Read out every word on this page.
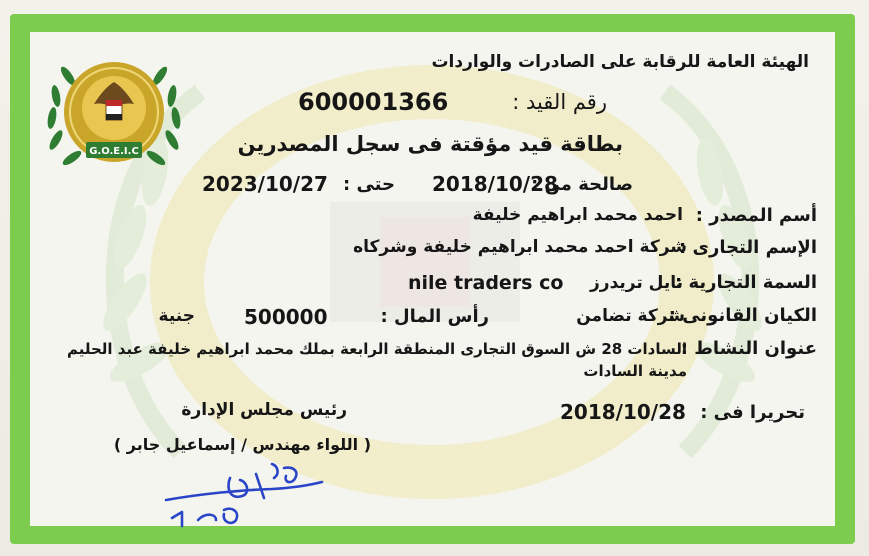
الهيئة العامة للرقابة على الصادرات والواردات
رقم القيد :
600001366
بطاقة قيد مؤقتة فى سجل المصدرين
صالحة من :
2018/10/28
حتى :
2023/10/27
أسم المصدر :
احمد محمد ابراهيم خليفة
الإسم التجارى :
شركة احمد محمد ابراهيم خليفة وشركاه
السمة التجارية :
نايل تريدرز
nile traders co
الكيان القانونى :
شركة تضامن
رأس المال :
500000
جنية
عنوان النشاط :
السادات 28 ش السوق التجارى المنطقة الرابعة بملك محمد ابراهيم خليفة عبد الحليم
مدينة السادات
تحريرا فى :
2018/10/28
رئيس مجلس الإدارة
( اللواء مهندس / إسماعيل جابر )
G.O.E.I.C
